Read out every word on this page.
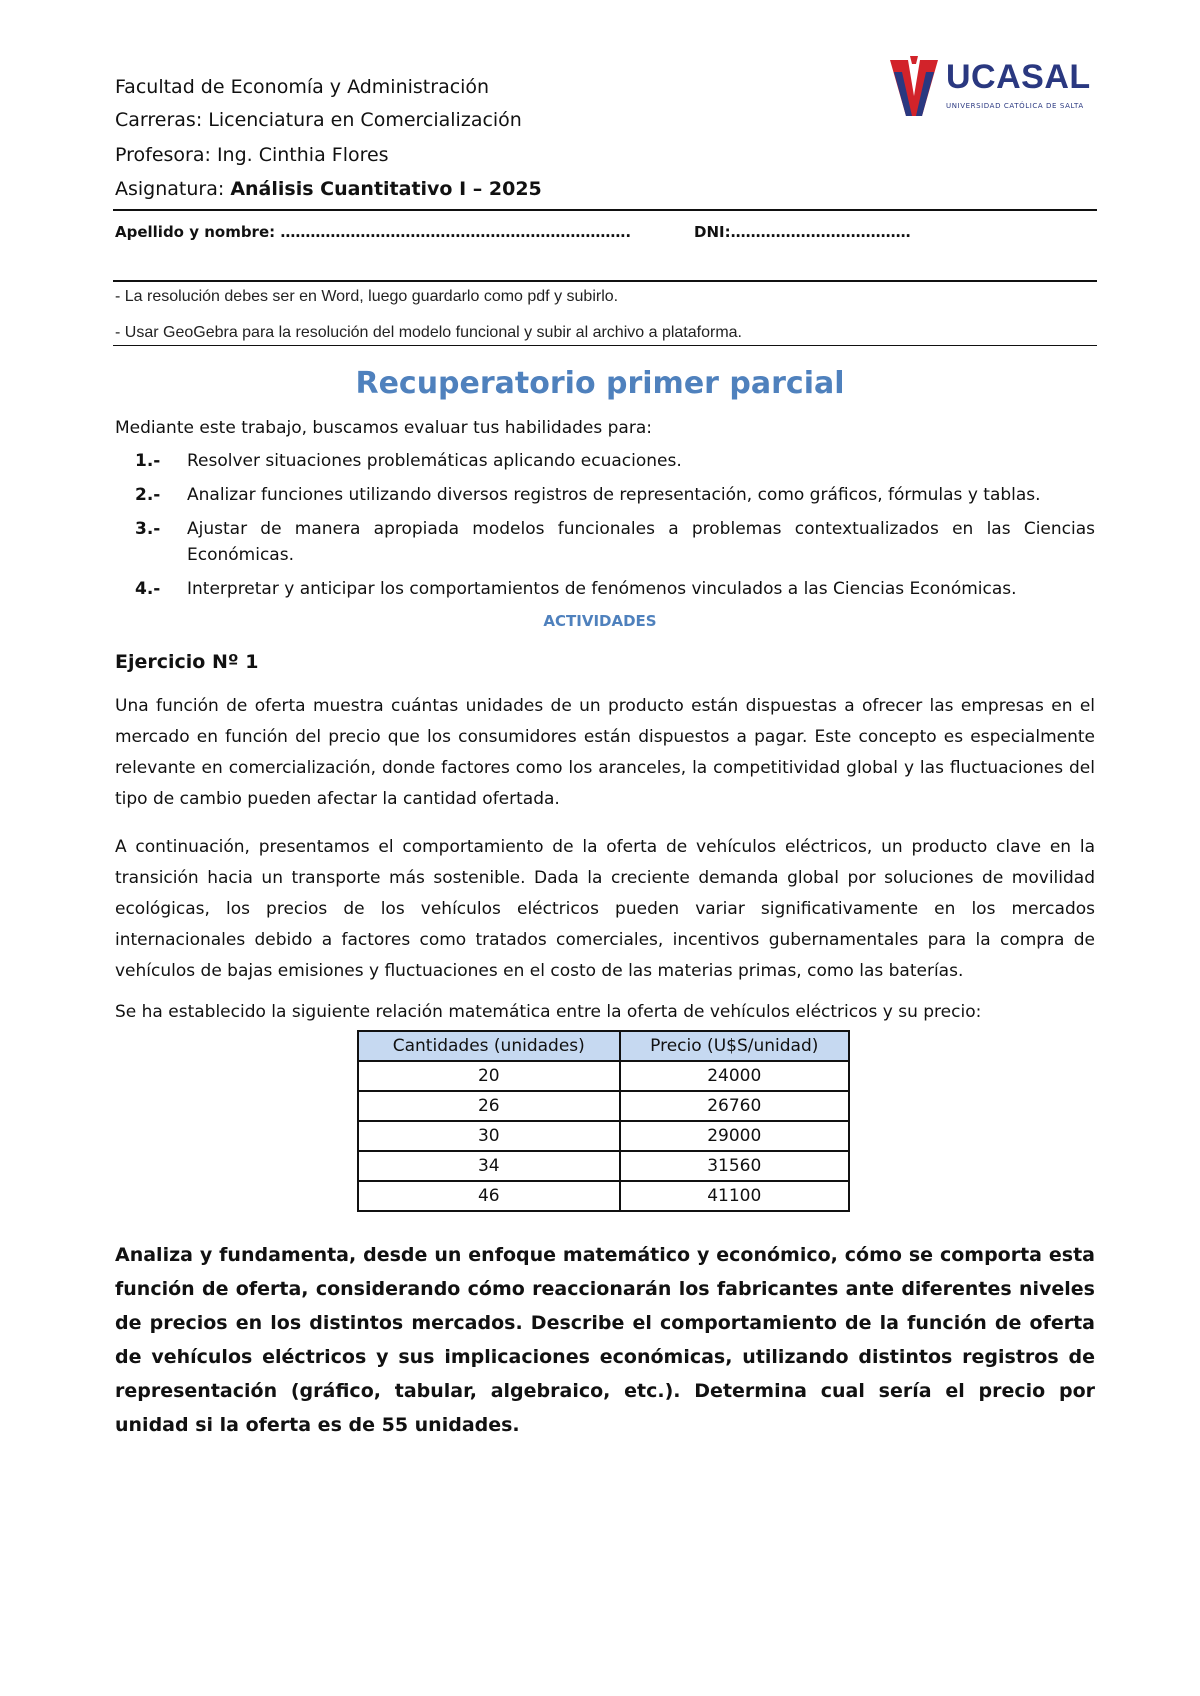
Facultad de Economía y Administración
Carreras: Licenciatura en Comercialización
Profesora: Ing. Cinthia Flores
Asignatura: Análisis Cuantitativo I – 2025
UCASAL
UNIVERSIDAD CATÓLICA DE SALTA
Apellido y nombre: …………………………………………………………….	DNI:………………………………
- La resolución debes ser en Word, luego guardarlo como pdf y subirlo.
- Usar GeoGebra para la resolución del modelo funcional y subir al archivo a plataforma.
Recuperatorio primer parcial
Mediante este trabajo, buscamos evaluar tus habilidades para:
1.- Resolver situaciones problemáticas aplicando ecuaciones.
2.- Analizar funciones utilizando diversos registros de representación, como gráficos, fórmulas y tablas.
3.- Ajustar de manera apropiada modelos funcionales a problemas contextualizados en las Ciencias Económicas.
4.- Interpretar y anticipar los comportamientos de fenómenos vinculados a las Ciencias Económicas.
ACTIVIDADES
Ejercicio Nº 1
Una función de oferta muestra cuántas unidades de un producto están dispuestas a ofrecer las empresas en el mercado en función del precio que los consumidores están dispuestos a pagar. Este concepto es especialmente relevante en comercialización, donde factores como los aranceles, la competitividad global y las fluctuaciones del tipo de cambio pueden afectar la cantidad ofertada.
A continuación, presentamos el comportamiento de la oferta de vehículos eléctricos, un producto clave en la transición hacia un transporte más sostenible. Dada la creciente demanda global por soluciones de movilidad ecológicas, los precios de los vehículos eléctricos pueden variar significativamente en los mercados internacionales debido a factores como tratados comerciales, incentivos gubernamentales para la compra de vehículos de bajas emisiones y fluctuaciones en el costo de las materias primas, como las baterías.
Se ha establecido la siguiente relación matemática entre la oferta de vehículos eléctricos y su precio:
Cantidades (unidades)	Precio (U$S/unidad)
20	24000
26	26760
30	29000
34	31560
46	41100
Analiza y fundamenta, desde un enfoque matemático y económico, cómo se comporta esta función de oferta, considerando cómo reaccionarán los fabricantes ante diferentes niveles de precios en los distintos mercados. Describe el comportamiento de la función de oferta de vehículos eléctricos y sus implicaciones económicas, utilizando distintos registros de representación (gráfico, tabular, algebraico, etc.). Determina cual sería el precio por unidad si la oferta es de 55 unidades.
